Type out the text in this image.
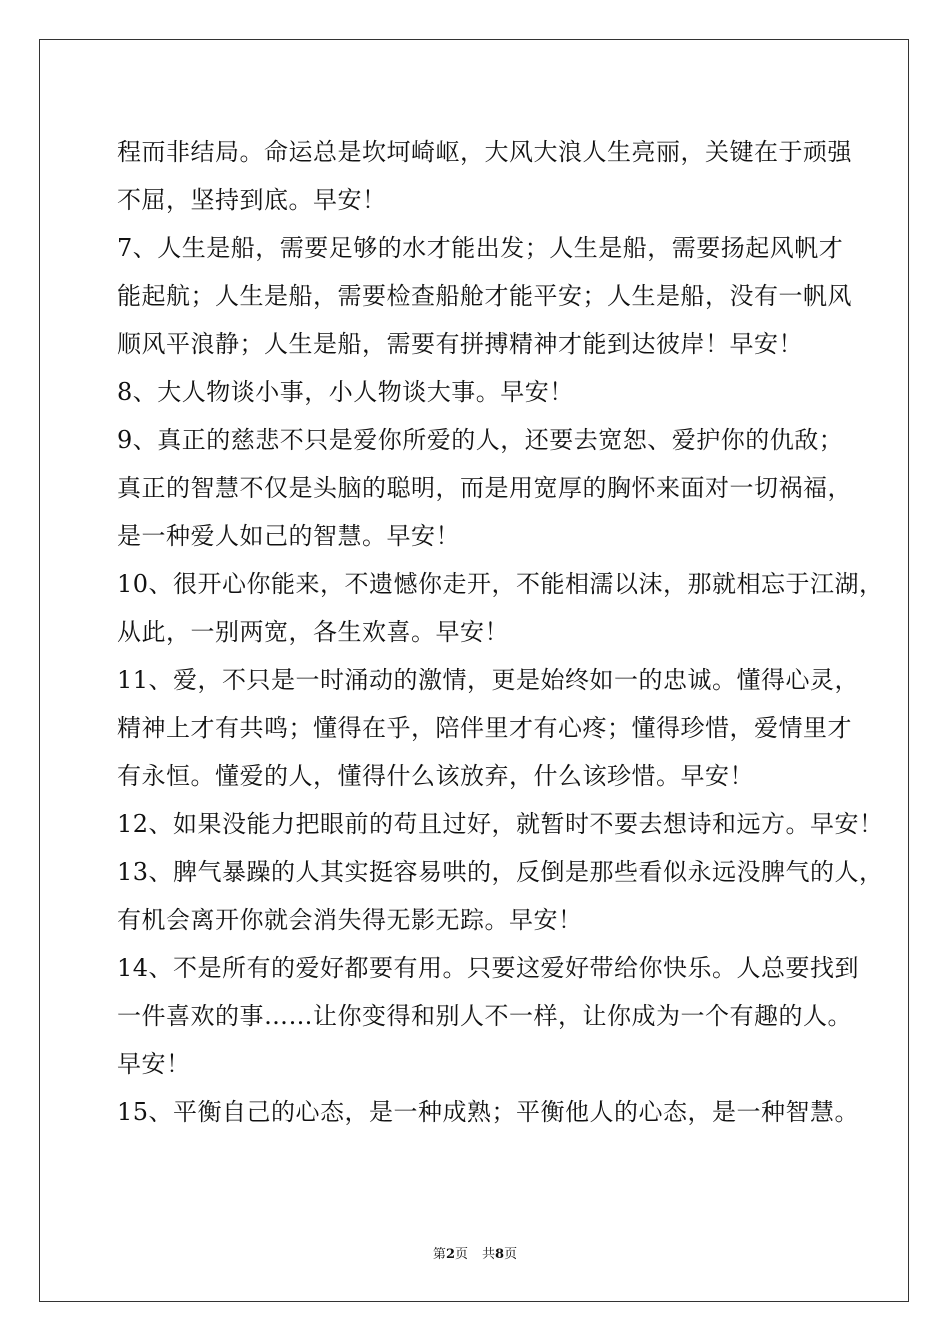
程而非结局。命运总是坎坷崎岖，大风大浪人生亮丽，关键在于顽强
不屈，坚持到底。早安！
7、人生是船，需要足够的水才能出发；人生是船，需要扬起风帆才
能起航；人生是船，需要检查船舱才能平安；人生是船，没有一帆风
顺风平浪静；人生是船，需要有拼搏精神才能到达彼岸！早安！
8、大人物谈小事，小人物谈大事。早安！
9、真正的慈悲不只是爱你所爱的人，还要去宽恕、爱护你的仇敌；
真正的智慧不仅是头脑的聪明，而是用宽厚的胸怀来面对一切祸福，
是一种爱人如己的智慧。早安！
10、很开心你能来，不遗憾你走开，不能相濡以沫，那就相忘于江湖，
从此，一别两宽，各生欢喜。早安！
11、爱，不只是一时涌动的激情，更是始终如一的忠诚。懂得心灵，
精神上才有共鸣；懂得在乎，陪伴里才有心疼；懂得珍惜，爱情里才
有永恒。懂爱的人，懂得什么该放弃，什么该珍惜。早安！
12、如果没能力把眼前的苟且过好，就暂时不要去想诗和远方。早安！
13、脾气暴躁的人其实挺容易哄的，反倒是那些看似永远没脾气的人，
有机会离开你就会消失得无影无踪。早安！
14、不是所有的爱好都要有用。只要这爱好带给你快乐。人总要找到
一件喜欢的事……让你变得和别人不一样，让你成为一个有趣的人。
早安！
15、平衡自己的心态，是一种成熟；平衡他人的心态，是一种智慧。
第2页 共8页
